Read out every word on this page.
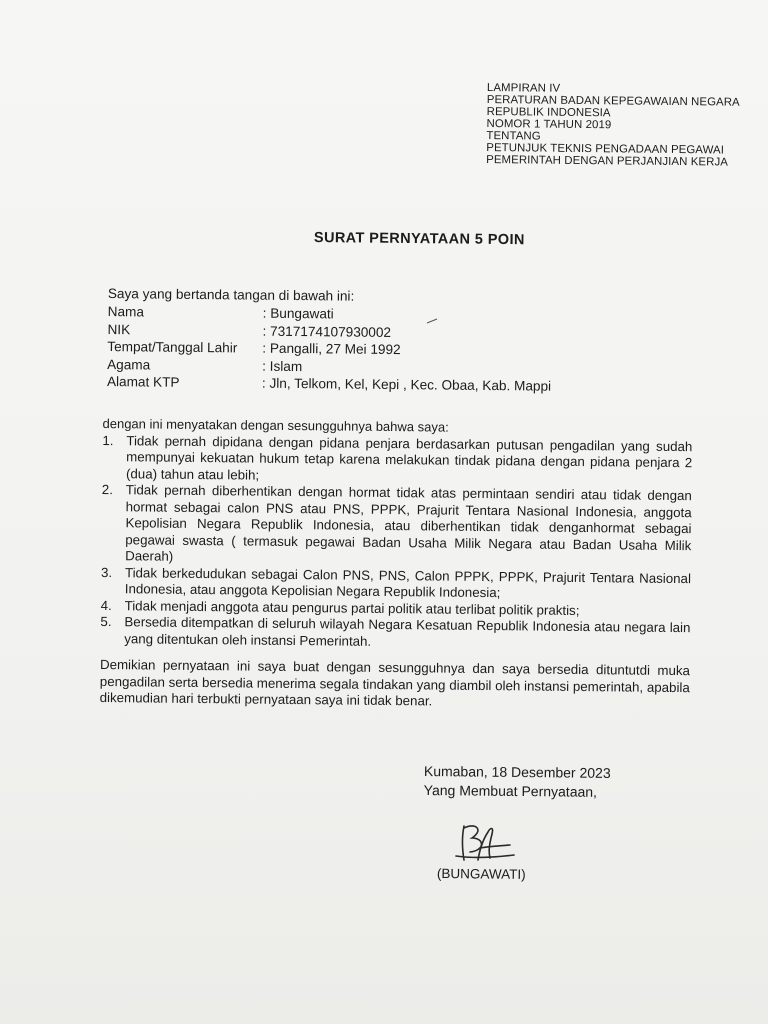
LAMPIRAN IV
PERATURAN BADAN KEPEGAWAIAN NEGARA
REPUBLIK INDONESIA
NOMOR 1 TAHUN 2019
TENTANG
PETUNJUK TEKNIS PENGADAAN PEGAWAI
PEMERINTAH DENGAN PERJANJIAN KERJA
SURAT PERNYATAAN 5 POIN
Saya yang bertanda tangan di bawah ini:
Nama	: Bungawati
NIK	: 7317174107930002
Tempat/Tanggal Lahir	: Pangalli, 27 Mei 1992
Agama	: Islam
Alamat KTP	: Jln, Telkom, Kel, Kepi , Kec. Obaa, Kab. Mappi
dengan ini menyatakan dengan sesungguhnya bahwa saya:
1. Tidak pernah dipidana dengan pidana penjara berdasarkan putusan pengadilan yang sudah mempunyai kekuatan hukum tetap karena melakukan tindak pidana dengan pidana penjara 2 (dua) tahun atau lebih;
2. Tidak pernah diberhentikan dengan hormat tidak atas permintaan sendiri atau tidak dengan hormat sebagai calon PNS atau PNS, PPPK, Prajurit Tentara Nasional Indonesia, anggota Kepolisian Negara Republik Indonesia, atau diberhentikan tidak denganhormat sebagai pegawai swasta ( termasuk pegawai Badan Usaha Milik Negara atau Badan Usaha Milik Daerah)
3. Tidak berkedudukan sebagai Calon PNS, PNS, Calon PPPK, PPPK, Prajurit Tentara Nasional Indonesia, atau anggota Kepolisian Negara Republik Indonesia;
4. Tidak menjadi anggota atau pengurus partai politik atau terlibat politik praktis;
5. Bersedia ditempatkan di seluruh wilayah Negara Kesatuan Republik Indonesia atau negara lain yang ditentukan oleh instansi Pemerintah.
Demikian pernyataan ini saya buat dengan sesungguhnya dan saya bersedia dituntutdi muka pengadilan serta bersedia menerima segala tindakan yang diambil oleh instansi pemerintah, apabila dikemudian hari terbukti pernyataan saya ini tidak benar.
Kumaban, 18 Desember 2023
Yang Membuat Pernyataan,
(BUNGAWATI)
